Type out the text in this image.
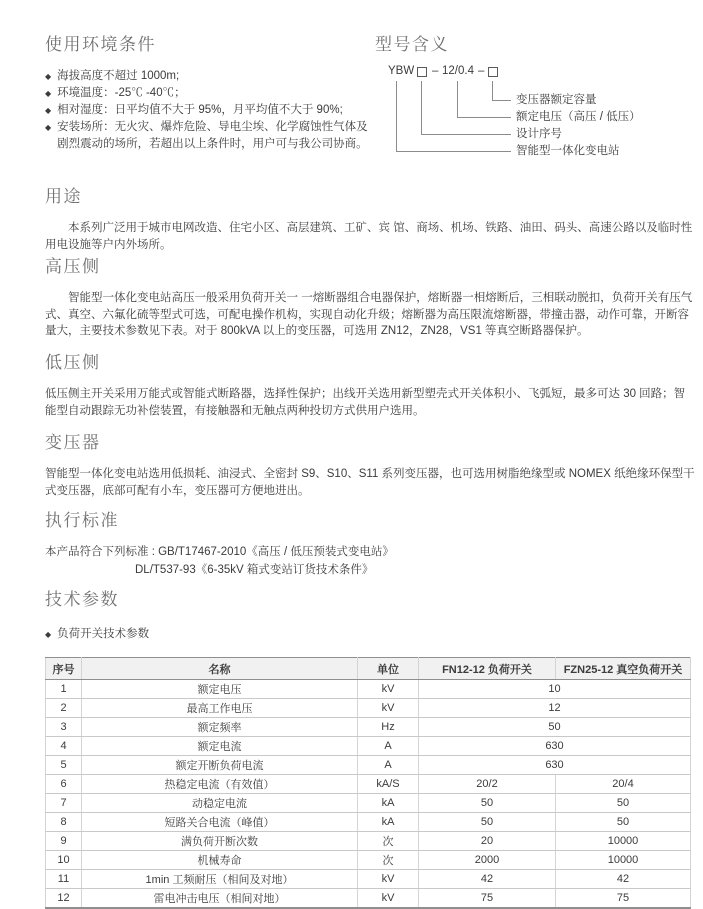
使用环境条件
◆ 海拔高度不超过 1000m;
◆ 环境温度：-25℃ -40℃；
◆ 相对湿度：日平均值不大于 95%，月平均值不大于 90%;
◆ 安装场所：无火灾、爆炸危险、导电尘埃、化学腐蚀性气体及剧烈震动的场所，若超出以上条件时，用户可与我公司协商。
型号含义
YBW – 12/0.4 –
变压器额定容量
额定电压（高压 / 低压）
设计序号
智能型一体化变电站
用途

本系列广泛用于城市电网改造、住宅小区、高层建筑、工矿、宾 馆、商场、机场、铁路、油田、码头、高速公路以及临时性用电设施等户内外场所。

高压侧

智能型一体化变电站高压一般采用负荷开关一 一熔断器组合电器保护，熔断器一相熔断后，三相联动脱扣，负荷开关有压气式、真空、六氟化硫等型式可选，可配电操作机构，实现自动化升级；熔断器为高压限流熔断器，带撞击器，动作可靠，开断容量大，主要技术参数见下表。对于 800kVA 以上的变压器，可选用 ZN12，ZN28，VS1 等真空断路器保护。

低压侧

低压侧主开关采用万能式或智能式断路器，选择性保护；出线开关选用新型塑壳式开关体积小、飞弧短，最多可达 30 回路；智能型自动跟踪无功补偿装置，有接触器和无触点两种投切方式供用户选用。

变压器

智能型一体化变电站选用低损耗、油浸式、全密封 S9、S10、S11 系列变压器，也可选用树脂绝缘型或 NOMEX 纸绝缘环保型干式变压器，底部可配有小车，变压器可方便地进出。

执行标准

本产品符合下列标准 : GB/T17467-2010《高压 / 低压预装式变电站》

DL/T537-93《6-35kV 箱式变站订货技术条件》

技术参数
◆ 负荷开关技术参数
序号	名称	单位	FN12-12 负荷开关	FZN25-12 真空负荷开关
1	额定电压	kV	10	
2	最高工作电压	kV	12	
3	额定频率	Hz	50	
4	额定电流	A	630	
5	额定开断负荷电流	A	630	
6	热稳定电流（有效值）	kA/S	20/2	20/4
7	动稳定电流	kA	50	50
8	短路关合电流（峰值）	kA	50	50
9	满负荷开断次数	次	20	10000
10	机械寿命	次	2000	10000
11	1min 工频耐压（相间及对地）	kV	42	42
12	雷电冲击电压（相间对地）	kV	75	75
